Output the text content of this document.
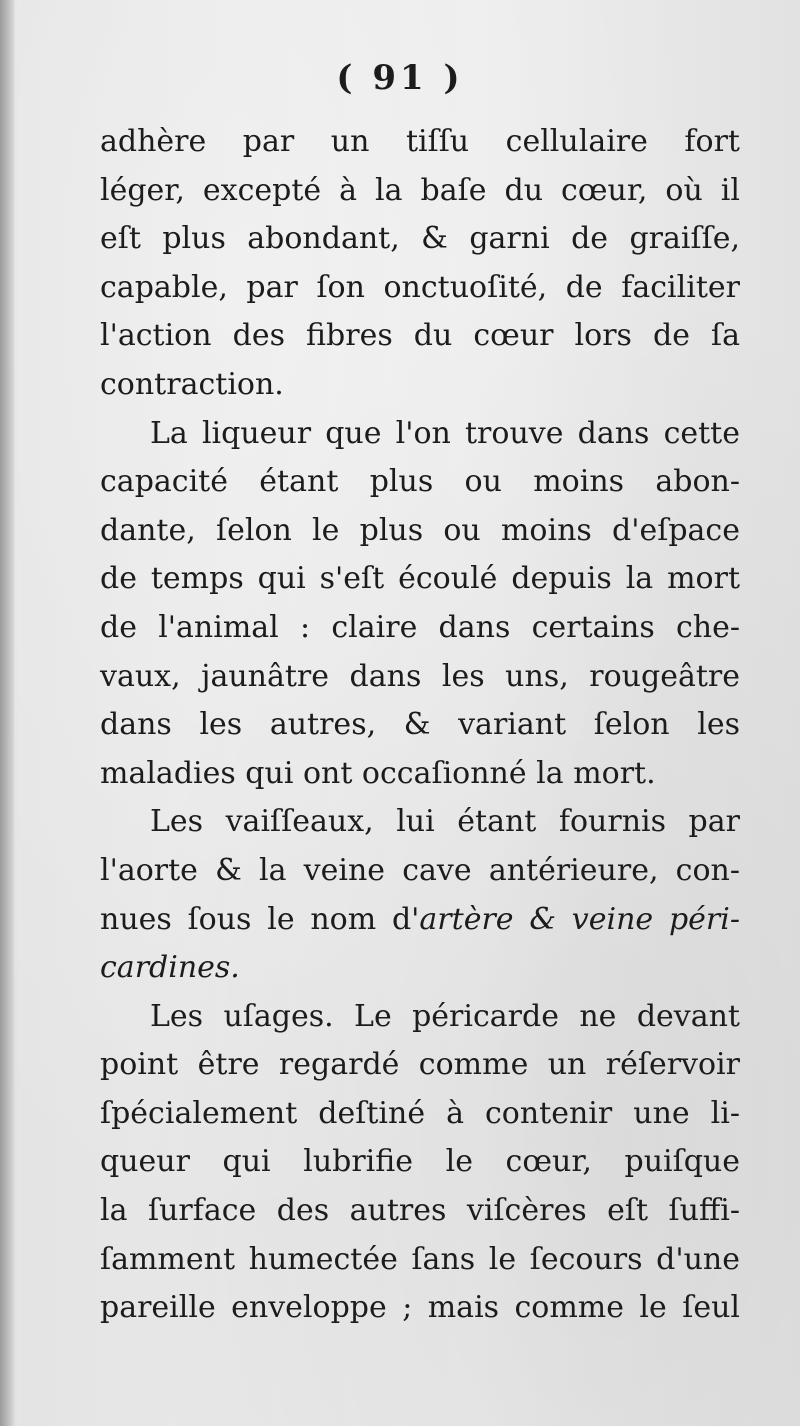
( 91 )
adhère par un tiſſu cellulaire fort
léger, excepté à la baſe du cœur, où il
eſt plus abondant, & garni de graiſſe,
capable, par ſon onctuoſité, de faciliter
l'action des fibres du cœur lors de ſa
contraction.
La liqueur que l'on trouve dans cette
capacité étant plus ou moins abon-
dante, ſelon le plus ou moins d'eſpace
de temps qui s'eſt écoulé depuis la mort
de l'animal : claire dans certains che-
vaux, jaunâtre dans les uns, rougeâtre
dans les autres, & variant ſelon les
maladies qui ont occaſionné la mort.
Les vaiſſeaux, lui étant fournis par
l'aorte & la veine cave antérieure, con-
nues ſous le nom d'artère & veine péri-
cardines.
Les uſages. Le péricarde ne devant
point être regardé comme un réſervoir
ſpécialement deſtiné à contenir une li-
queur qui lubrifie le cœur, puiſque
la ſurface des autres viſcères eſt ſuffi-
ſamment humectée ſans le ſecours d'une
pareille enveloppe ; mais comme le ſeul
